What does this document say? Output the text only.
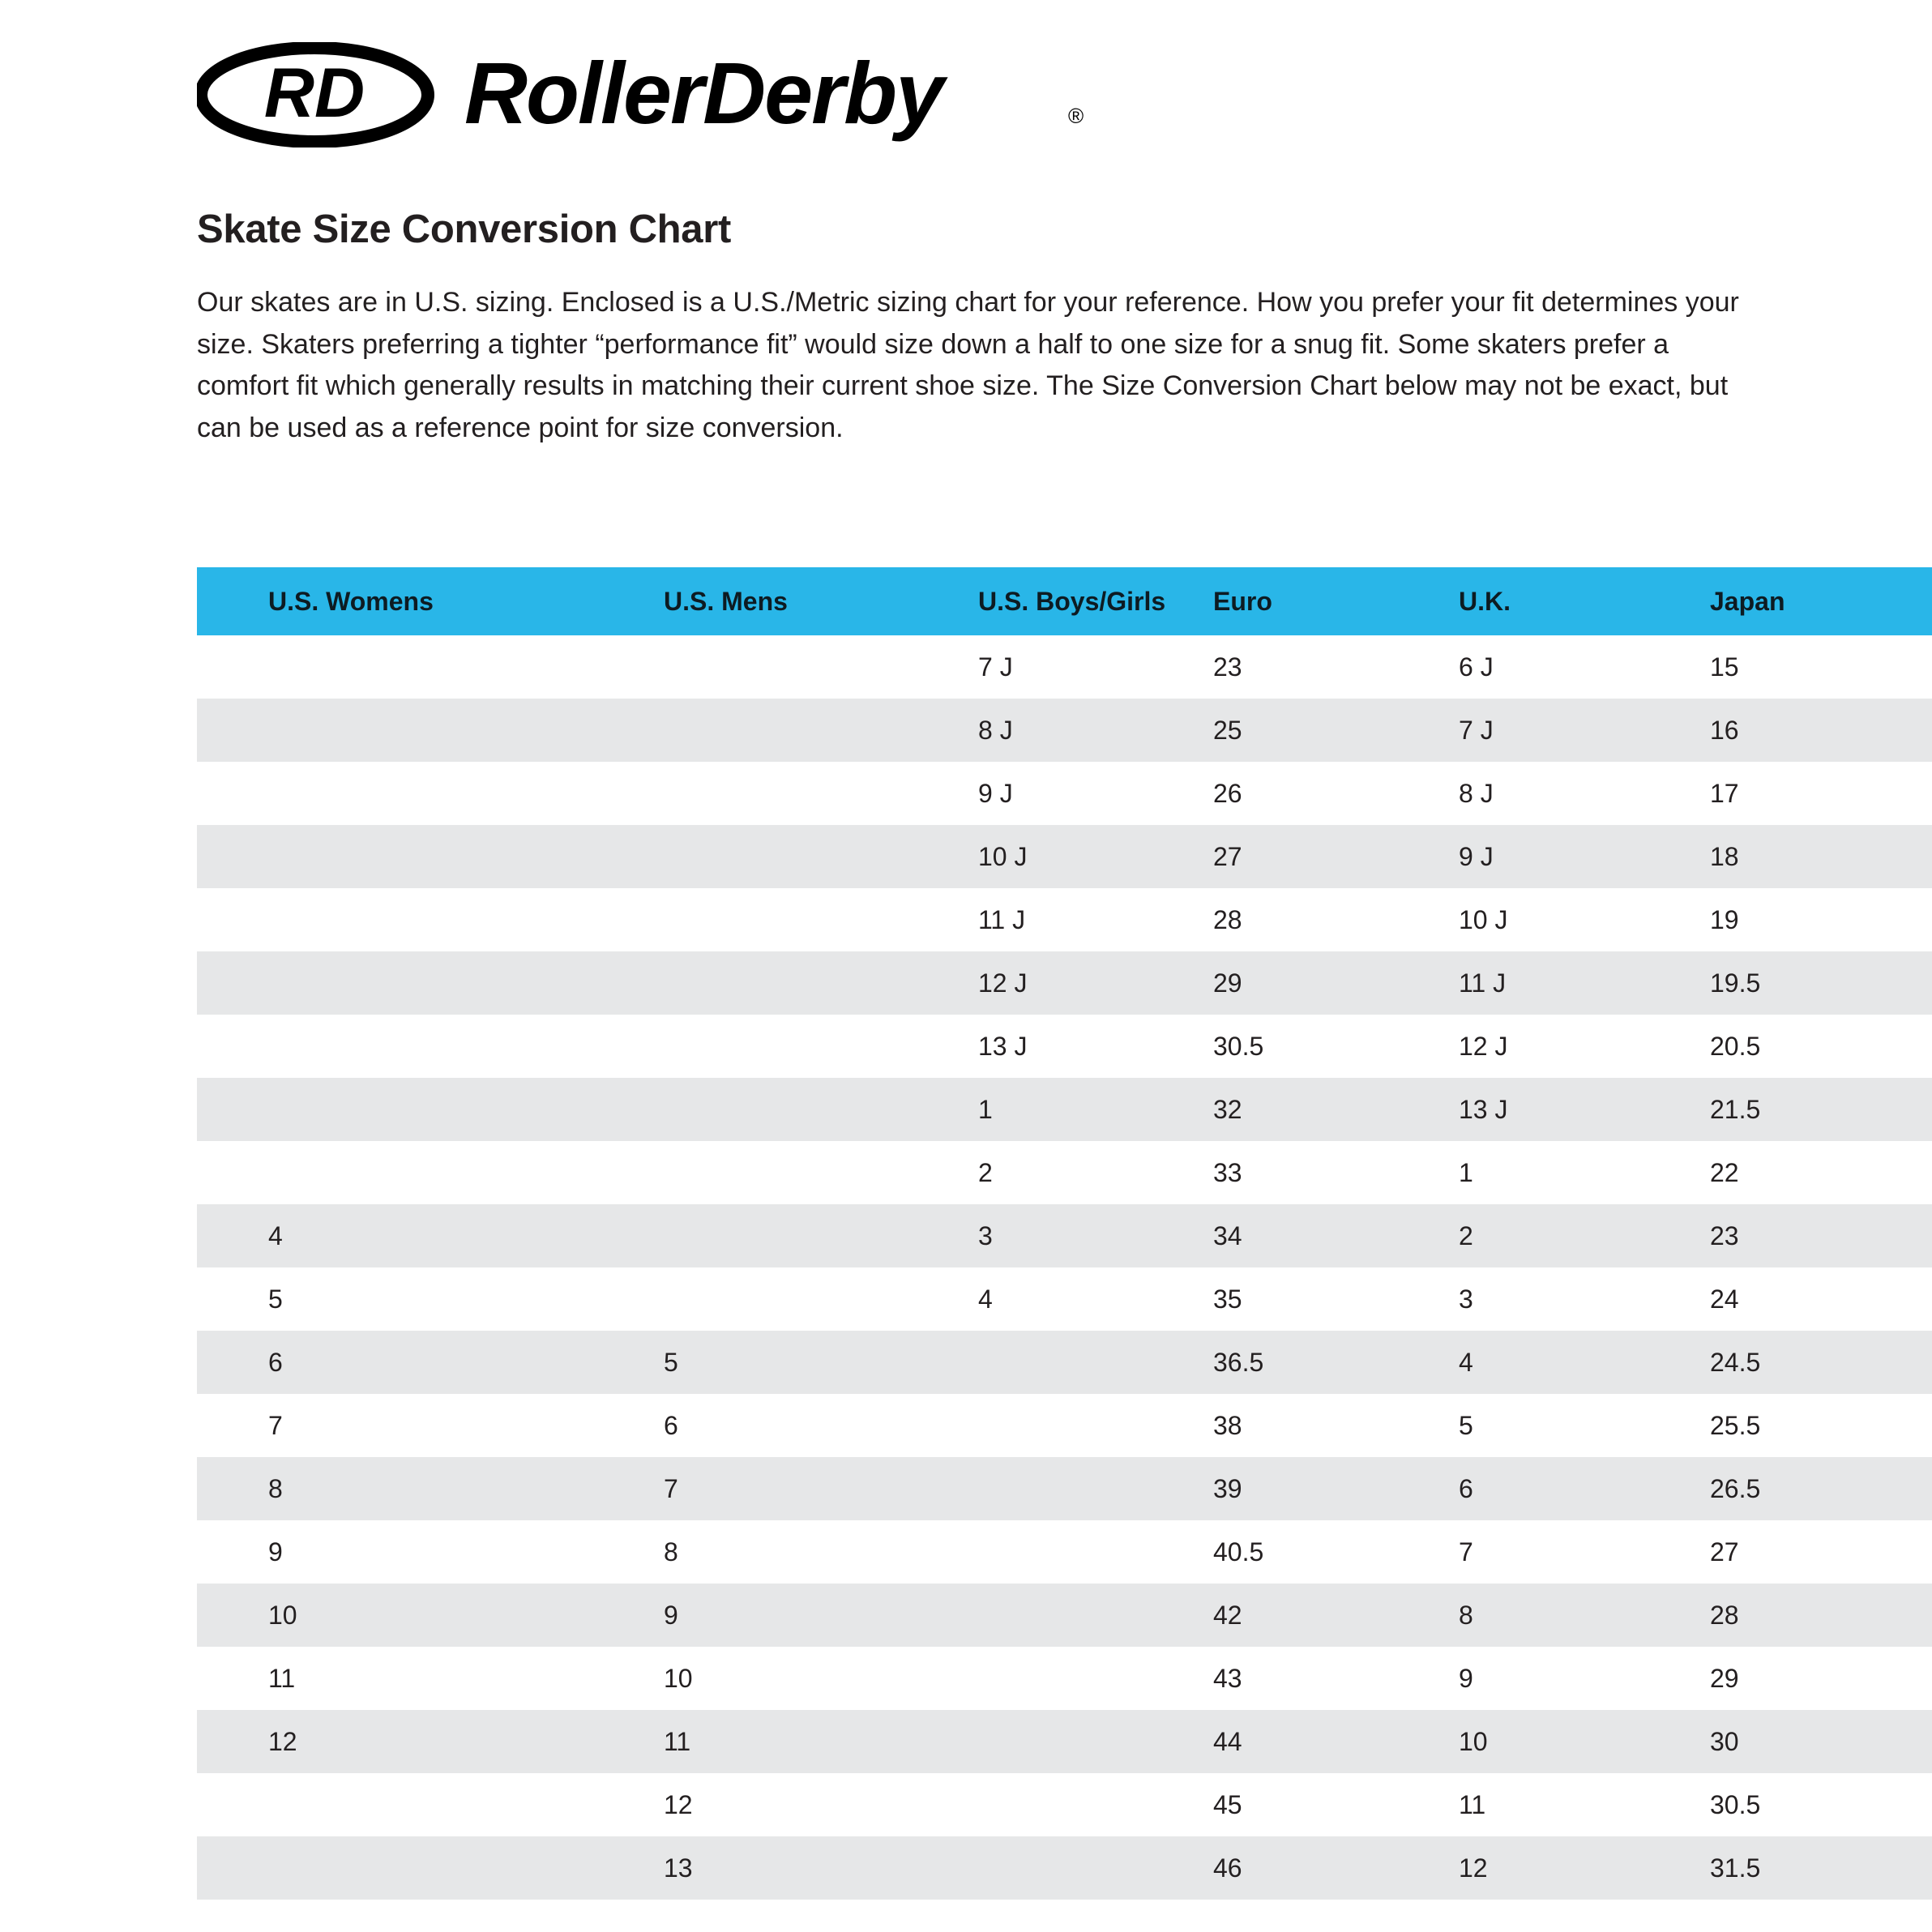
RD RollerDerby	®
Skate Size Conversion Chart
Our skates are in U.S. sizing. Enclosed is a U.S./Metric sizing chart for your reference. How you prefer your fit determines your size. Skaters preferring a tighter “performance fit” would size down a half to one size for a snug fit. Some skaters prefer a comfort fit which generally results in matching their current shoe size. The Size Conversion Chart below may not be exact, but can be used as a reference point for size conversion.
U.S. Womens	U.S. Mens	U.S. Boys/Girls	Euro	U.K.	Japan
		7 J	23	6 J	15
		8 J	25	7 J	16
		9 J	26	8 J	17
		10 J	27	9 J	18
		11 J	28	10 J	19
		12 J	29	11 J	19.5
		13 J	30.5	12 J	20.5
		1	32	13 J	21.5
		2	33	1	22
4		3	34	2	23
5		4	35	3	24
6	5		36.5	4	24.5
7	6		38	5	25.5
8	7		39	6	26.5
9	8		40.5	7	27
10	9		42	8	28
11	10		43	9	29
12	11		44	10	30
	12		45	11	30.5
	13		46	12	31.5
